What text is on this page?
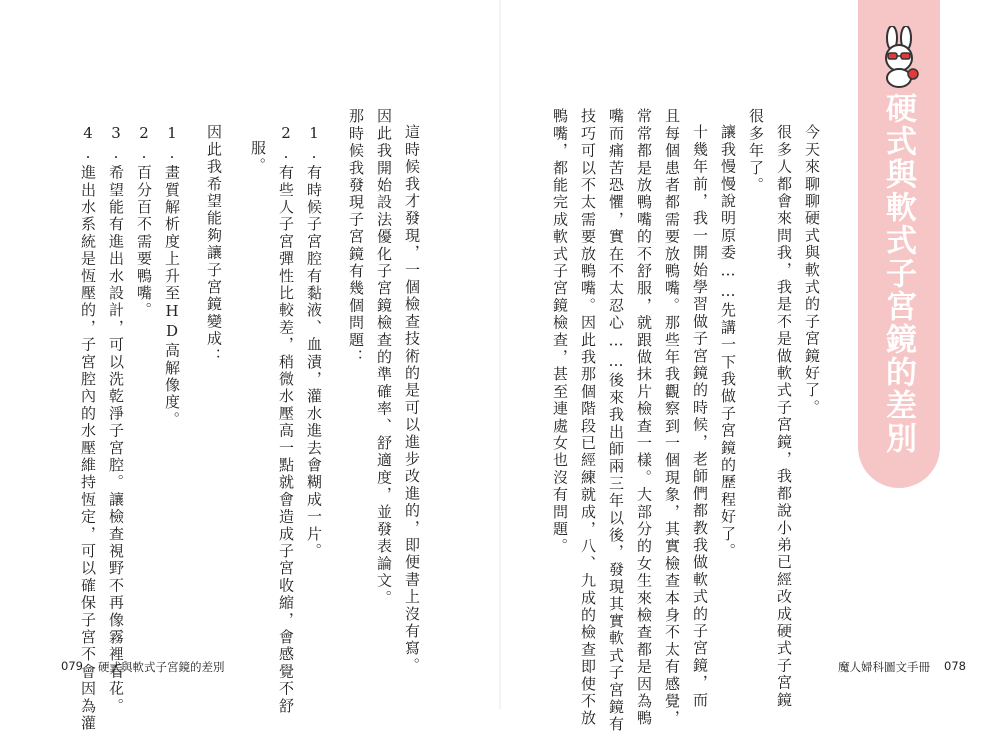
硬式與軟式子宮鏡的差別
今天來聊聊硬式與軟式的子宮鏡好了。
很多人都會來問我，我是不是做軟式子宮鏡，我都說小弟已經改成硬式子宮鏡
很多年了。
讓我慢慢說明原委……先講一下我做子宮鏡的歷程好了。
十幾年前，我一開始學習做子宮鏡的時候，老師們都教我做軟式的子宮鏡，而
且每個患者都需要放鴨嘴。那些年我觀察到一個現象，其實檢查本身不太有感覺，
常常都是放鴨嘴的不舒服，就跟做抹片檢查一樣。大部分的女生來檢查都是因為鴨
嘴而痛苦恐懼，實在不太忍心……後來我出師兩三年以後，發現其實軟式子宮鏡有
技巧可以不太需要放鴨嘴。因此我那個階段已經練就成，八、九成的檢查即使不放
鴨嘴，都能完成軟式子宮鏡檢查，甚至連處女也沒有問題。
這時候我才發現，一個檢查技術的是可以進步改進的，即便書上沒有寫。
因此我開始設法優化子宮鏡檢查的準確率、舒適度，並發表論文。
那時候我發現子宮鏡有幾個問題：
1.有時候子宮腔有黏液、血漬，灌水進去會糊成一片。
2.有些人子宮彈性比較差，稍微水壓高一點就會造成子宮收縮，會感覺不舒
服。
因此我希望能夠讓子宮鏡變成：
1.畫質解析度上升至HD高解像度。
2.百分百不需要鴨嘴。
3.希望能有進出水設計，可以洗乾淨子宮腔。讓檢查視野不再像霧裡看花。
4.進出水系統是恆壓的，子宮腔內的水壓維持恆定，可以確保子宮不會因為灌
079 硬式與軟式子宮鏡的差別	魔人婦科圖文手冊 078
